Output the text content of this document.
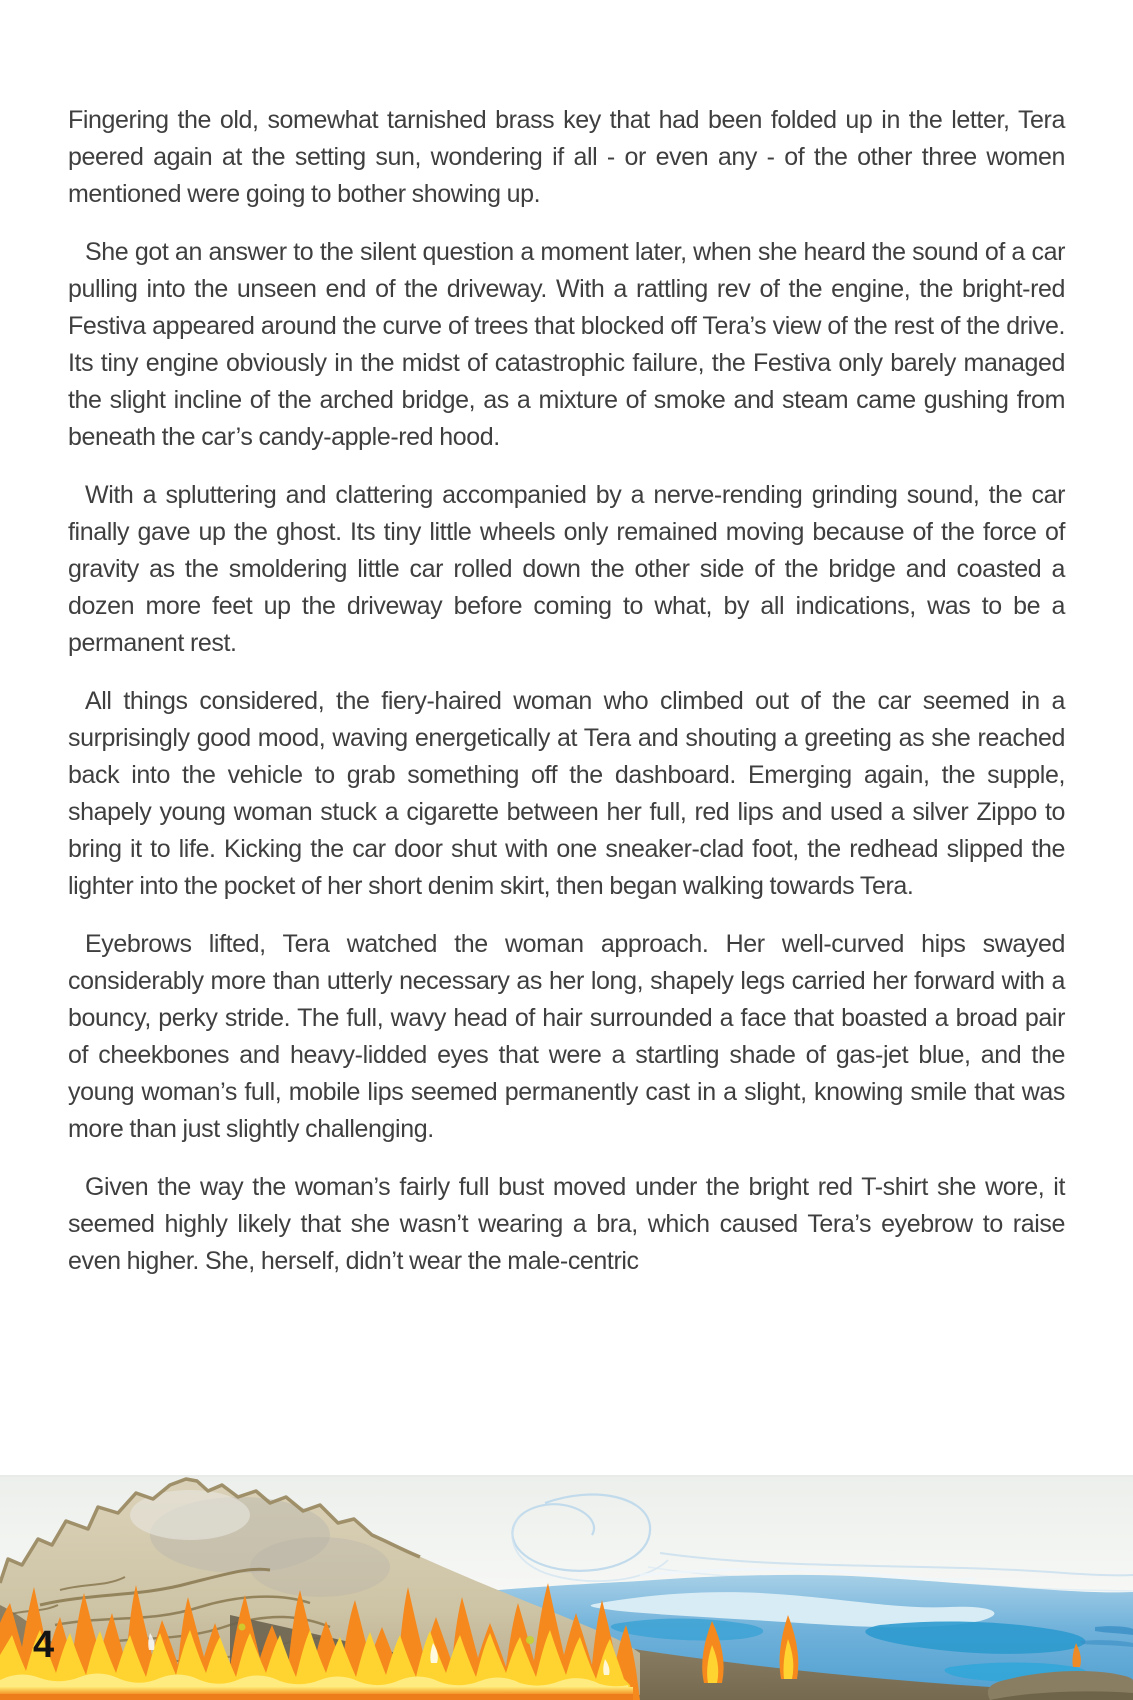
Fingering the old, somewhat tarnished brass key that had been folded up in the letter, Tera peered again at the setting sun, wondering if all - or even any - of the other three women mentioned were going to bother showing up.

She got an answer to the silent question a moment later, when she heard the sound of a car pulling into the unseen end of the driveway. With a rattling rev of the engine, the bright-red Festiva appeared around the curve of trees that blocked off Tera’s view of the rest of the drive. Its tiny engine obviously in the midst of catastrophic failure, the Festiva only barely managed the slight incline of the arched bridge, as a mixture of smoke and steam came gushing from beneath the car’s candy-apple-red hood.

With a spluttering and clattering accompanied by a nerve-rending grinding sound, the car finally gave up the ghost. Its tiny little wheels only remained moving because of the force of gravity as the smoldering little car rolled down the other side of the bridge and coasted a dozen more feet up the driveway before coming to what, by all indications, was to be a permanent rest.

All things considered, the fiery-haired woman who climbed out of the car seemed in a surprisingly good mood, waving energetically at Tera and shouting a greeting as she reached back into the vehicle to grab something off the dashboard. Emerging again, the supple, shapely young woman stuck a cigarette between her full, red lips and used a silver Zippo to bring it to life. Kicking the car door shut with one sneaker-clad foot, the redhead slipped the lighter into the pocket of her short denim skirt, then began walking towards Tera.

Eyebrows lifted, Tera watched the woman approach. Her well-curved hips swayed considerably more than utterly necessary as her long, shapely legs carried her forward with a bouncy, perky stride. The full, wavy head of hair surrounded a face that boasted a broad pair of cheekbones and heavy-lidded eyes that were a startling shade of gas-jet blue, and the young woman’s full, mobile lips seemed permanently cast in a slight, knowing smile that was more than just slightly challenging.

Given the way the woman’s fairly full bust moved under the bright red T-shirt she wore, it seemed highly likely that she wasn’t wearing a bra, which caused Tera’s eyebrow to raise even higher. She, herself, didn’t wear the male-centric

4
